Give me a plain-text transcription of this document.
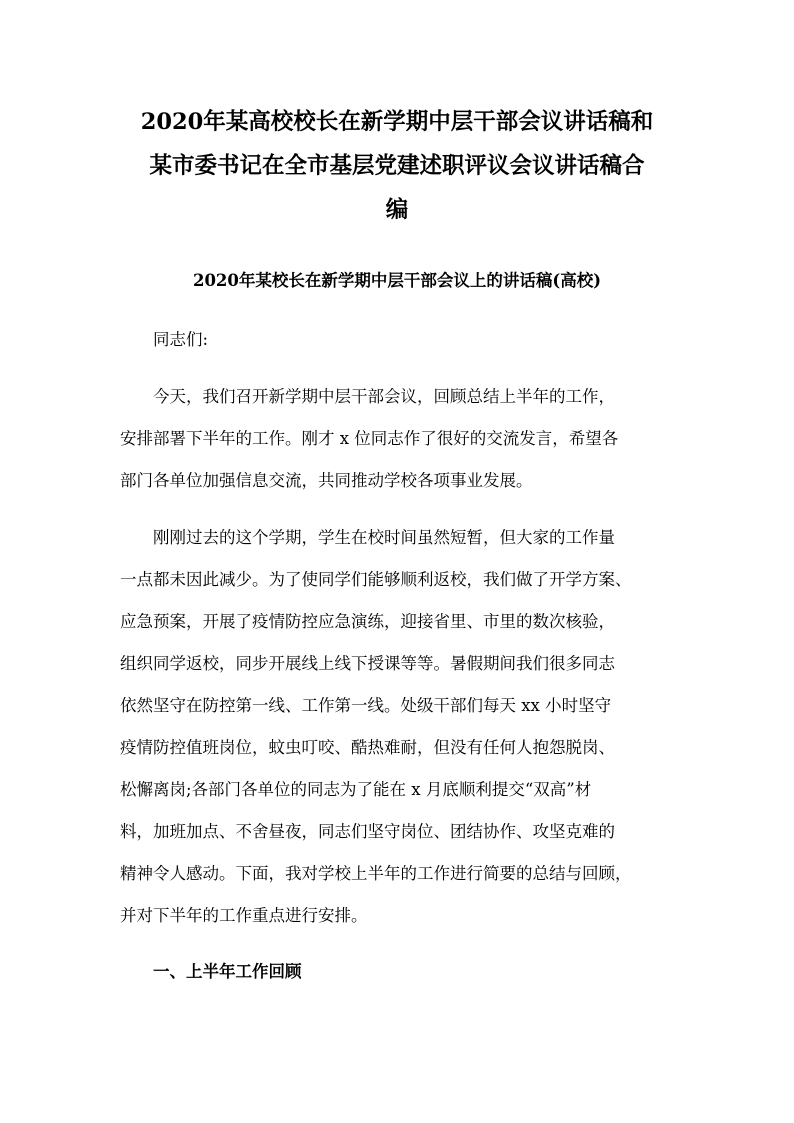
2020年某高校校长在新学期中层干部会议讲话稿和
某市委书记在全市基层党建述职评议会议讲话稿合
编
2020年某校长在新学期中层干部会议上的讲话稿(高校)

同志们:

今天，我们召开新学期中层干部会议，回顾总结上半年的工作，

安排部署下半年的工作。刚才 x 位同志作了很好的交流发言，希望各

部门各单位加强信息交流，共同推动学校各项事业发展。

刚刚过去的这个学期，学生在校时间虽然短暂，但大家的工作量

一点都未因此减少。为了使同学们能够顺利返校，我们做了开学方案、

应急预案，开展了疫情防控应急演练，迎接省里、市里的数次核验，

组织同学返校，同步开展线上线下授课等等。暑假期间我们很多同志

依然坚守在防控第一线、工作第一线。处级干部们每天 xx 小时坚守

疫情防控值班岗位，蚊虫叮咬、酷热难耐，但没有任何人抱怨脱岗、

松懈离岗;各部门各单位的同志为了能在 x 月底顺利提交“双高”材

料，加班加点、不舍昼夜，同志们坚守岗位、团结协作、攻坚克难的

精神令人感动。下面，我对学校上半年的工作进行简要的总结与回顾，

并对下半年的工作重点进行安排。

一、上半年工作回顾
